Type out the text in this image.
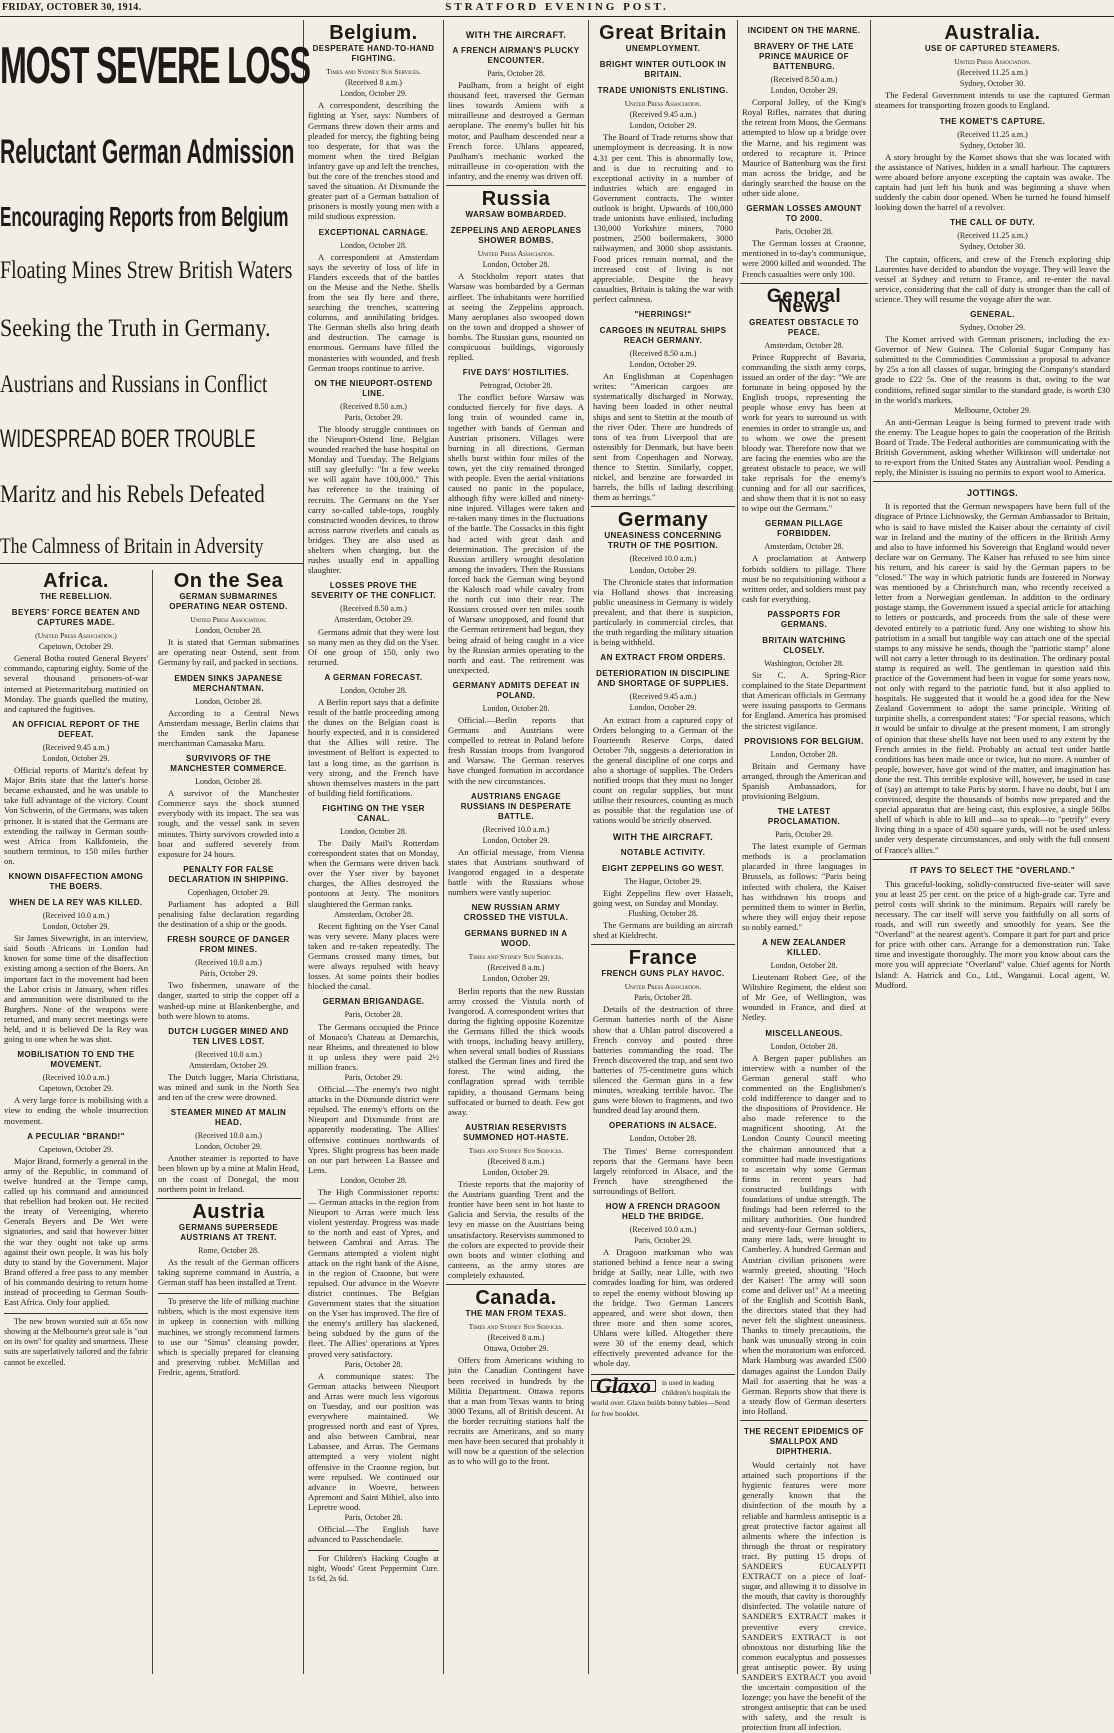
FRIDAY, OCTOBER 30, 1914.	STRATFORD EVENING POST.
MOST SEVERE LOSS
Reluctant German Admission
Encouraging Reports from Belgium
Floating Mines Strew British Waters
Seeking the Truth in Germany.
Austrians and Russians in Conflict
WIDESPREAD BOER TROUBLE
Maritz and his Rebels Defeated
The Calmness of Britain in Adversity
Africa.
THE REBELLION.
BEYERS' FORCE BEATEN AND CAPTURES MADE.
(United Press Association.)
Capetown, October 29.
General Botha routed General Beyers' commando, capturing eighty. Some of the several thousand prisoners-of-war interned at Pietermaritzburg mutinied on Monday. The guards quelled the mutiny, and captured the fugitives.
AN OFFICIAL REPORT OF THE DEFEAT.
(Received 9.45 a.m.)
London, October 29.
Official reports of Maritz's defeat by Major Brits state that the latter's horse became exhausted, and he was unable to take full advantage of the victory. Count Von Schwerin, of the Germans, was taken prisoner. It is stated that the Germans are extending the railway in German south-west Africa from Kalkfontein, the southern terminus, to 150 miles further on.
KNOWN DISAFFECTION AMONG THE BOERS.
WHEN DE LA REY WAS KILLED.
(Received 10.0 a.m.)
London, October 29.
Sir James Sivewright, in an interview, said South Africans in London had known for some time of the disaffection existing among a section of the Boers. An important fact in the movement had been the Labor crisis in January, when rifles and ammunition were distributed to the Burghers. None of the weapons were returned, and many secret meetings were held, and it is believed De la Rey was going to one when he was shot.
MOBILISATION TO END THE MOVEMENT.
(Received 10.0 a.m.)
Capetown, October 29.
A very large force is mobilising with a view to ending the whole insurrection movement.
A PECULIAR "BRAND!"
Capetown, October 29.
Major Brand, formerly a general in the army of the Republic, in command of twelve hundred at the Tempe camp, called up his command and announced that rebellion had broken out. He recited the treaty of Vereeniging, whereto Generals Beyers and De Wet were signatories, and said that however bitter the war they ought not take up arms against their own people. It was his holy duty to stand by the Government. Major Brand offered a free pass to any member of his commando desiring to return home instead of proceeding to German South-East Africa. Only four applied.
The new brown worsted suit at 65s now showing at the Melbourne's great sale is "out on its own" for quality and smartness. These suits are superlatively tailored and the fabric cannot be excelled.
On the Sea
GERMAN SUBMARINES OPERATING NEAR OSTEND.
United Press Association.
London, October 28.
It is stated that German submarines are operating near Ostend, sent from Germany by rail, and packed in sections.
EMDEN SINKS JAPANESE MERCHANTMAN.
London, October 28.
According to a Central News Amsterdam message, Berlin claims that the Emden sank the Japanese merchantman Camasaka Maru.
SURVIVORS OF THE MANCHESTER COMMERCE.
London, October 28.
A survivor of the Manchester Commerce says the shock stunned everybody with its impact. The sea was rough, and the vessel sank in seven minutes. Thirty survivors crowded into a boat and suffered severely from exposure for 24 hours.
PENALTY FOR FALSE DECLARATION IN SHIPPING.
Copenhagen, October 29.
Parliament has adopted a Bill penalising false declaration regarding the destination of a ship or the goods.
FRESH SOURCE OF DANGER FROM MINES.
(Received 10.0 a.m.)
Paris, October 29.
Two fishermen, unaware of the danger, started to strip the copper off a washed-up mine at Blankenberghe, and both were blown to atoms.
DUTCH LUGGER MINED AND TEN LIVES LOST.
(Received 10.0 a.m.)
Amsterdam, October 29.
The Dutch lugger, Maria Christiana, was mined and sunk in the North Sea and ten of the crew were drowned.
STEAMER MINED AT MALIN HEAD.
(Received 10.0 a.m.)
London, October 29.
Another steamer is reported to have been blown up by a mine at Malin Head, on the coast of Donegal, the most northern point in Ireland.
Austria
GERMANS SUPERSEDE AUSTRIANS AT TRENT.
Rome, October 28.
As the result of the German officers taking supreme command in Austria, a German staff has been installed at Trent.
To preserve the life of milking machine rubbers, which is the most expensive item in upkeep in connection with milking machines, we strongly recommend farmers to use our "Simus" cleansing powder, which is specially prepared for cleansing and preserving rubber. McMillan and Fredric, agents, Stratford.
Belgium.
DESPERATE HAND-TO-HAND FIGHTING.
Times and Sydney Sun Services.
(Received 8 a.m.)
London, October 29.
A correspondent, describing the fighting at Yser, says: Numbers of Germans threw down their arms and pleaded for mercy, the fighting being too desperate, for that was the moment when the tired Belgian infantry gave up and left the trenches, but the core of the trenches stood and saved the situation. At Dixmunde the greater part of a German battalion of prisoners is mostly young men with a mild studious expression.
EXCEPTIONAL CARNAGE.
London, October 28.
A correspondent at Amsterdam says the severity of loss of life in Flanders exceeds that of the battles on the Meuse and the Nethe. Shells from the sea fly here and there, searching the trenches, scattering columns, and annihilating bridges. The German shells also bring death and destruction. The carnage is enormous. Germans have filled the monasteries with wounded, and fresh German troops continue to arrive.
ON THE NIEUPORT-OSTEND LINE.
(Received 8.50 a.m.)
Paris, October 29.
The bloody struggle continues on the Nieuport-Ostend line. Belgian wounded reached the base hospital on Monday and Tuesday. The Belgians still say gleefully: "In a few weeks we will again have 100,000." This has reference to the training of recruits. The Germans on the Yser carry so-called table-tops, roughly constructed wooden devices, to throw across narrow riverlets and canals as bridges. They are also used as shelters when charging, but the rushes usually end in appalling slaughter.
LOSSES PROVE THE SEVERITY OF THE CONFLICT.
(Received 8.50 a.m.)
Amsterdam, October 29.
Germans admit that they were lost so many men as they did on the Yser. Of one group of 150, only two returned.
A GERMAN FORECAST.
London, October 28.
A Berlin report says that a definite result of the battle proceeding among the dunes on the Belgian coast is hourly expected, and it is considered that the Allies will retire. The investment of Belfort is expected to last a long time, as the garrison is very strong, and the French have shown themselves masters in the part of building field fortifications.
FIGHTING ON THE YSER CANAL.
London, October 28.
The Daily Mail's Rotterdam correspondent states that on Monday, when the Germans were driven back over the Yser river by bayonet charges, the Allies destroyed the pontoons at Jesty. The monitors slaughtered the German ranks.
Amsterdam, October 28.
Recent fighting on the Yser Canal was very severe. Many places were taken and re-taken repeatedly. The Germans crossed many times, but were always repulsed with heavy losses. At some points their bodies blocked the canal.
GERMAN BRIGANDAGE.
Paris, October 28.
The Germans occupied the Prince of Monaco's Chateau at Demarchis, near Rheims, and threatened to blow it up unless they were paid 2½ million francs.
Paris, October 29.
Official.—The enemy's two night attacks in the Dixmunde district were repulsed. The enemy's efforts on the Nieuport and Dixmunde front are apparently moderating. The Allies' offensive continues northwards of Ypres. Slight progress has been made on our part between La Bassee and Lens.
London, October 28.
The High Commissioner reports:— German attacks in the region from Nieuport to Arras were much less violent yesterday. Progress was made to the north and east of Ypres, and between Cambrai and Arras. The Germans attempted a violent night attack on the right bank of the Aisne, in the region of Craonne, but were repulsed. Our advance in the Woevre district continues. The Belgian Government states that the situation on the Yser has improved. The fire of the enemy's artillery has slackened, being subdued by the guns of the fleet. The Allies' operations at Ypres proved very satisfactory.
Paris, October 28.
A communique states: The German attacks between Nieuport and Arras were much less vigorous on Tuesday, and our position was everywhere maintained. We progressed north and east of Ypres, and also between Cambrai, near Labassee, and Arras. The Germans attempted a very violent night offensive in the Craonne region, but were repulsed. We continued our advance in Woevre, between Apremont and Saint Mihiel, also into Lepretre wood.
Paris, October 28.
Official.—The English have advanced to Passchendaele.
For Children's Hacking Coughs at night, Woods' Great Peppermint Cure. 1s 6d, 2s 6d.
WITH THE AIRCRAFT.
A FRENCH AIRMAN'S PLUCKY ENCOUNTER.
Paris, October 28.
Paulham, from a height of eight thousand feet, traversed the German lines towards Amiens with a mitrailleuse and destroyed a German aeroplane. The enemy's bullet hit his motor, and Paulham descended near a French force. Uhlans appeared, Paulham's mechanic worked the mitrailleuse in co-operation with the infantry, and the enemy was driven off.
Russia
WARSAW BOMBARDED.
ZEPPELINS AND AEROPLANES SHOWER BOMBS.
United Press Association.
London, October 28.
A Stockholm report states that Warsaw was bombarded by a German airfleet. The inhabitants were horrified at seeing the Zeppelins approach. Many aeroplanes also swooped down on the town and dropped a shower of bombs. The Russian guns, mounted on conspicuous buildings, vigorously replied.
FIVE DAYS' HOSTILITIES.
Petrograd, October 28.
The conflict before Warsaw was conducted fiercely for five days. A long train of wounded came in, together with bands of German and Austrian prisoners. Villages were burning in all directions. German shells burst within four miles of the town, yet the city remained thronged with people. Even the aerial visitations caused no panic in the populace, although fifty were killed and ninety-nine injured. Villages were taken and re-taken many times in the fluctuations of the battle. The Cossacks in this fight had acted with great dash and determination. The precision of the Russian artillery wrought desolation among the invaders. Then the Russians forced back the German wing beyond the Kalosch road while cavalry from the north cut into their rear. The Russians crossed over ten miles south of Warsaw unopposed, and found that the German retirement had begun, they being afraid of being caught in a vice by the Russian armies operating to the north and east. The retirement was unexpected.
GERMANY ADMITS DEFEAT IN POLAND.
London, October 28.
Official.—Berlin reports that Germans and Austrians were compelled to retreat in Poland before fresh Russian troops from Ivangorod and Warsaw. The German reserves have changed formation in accordance with the new circumstances.
AUSTRIANS ENGAGE RUSSIANS IN DESPERATE BATTLE.
(Received 10.0 a.m.)
London, October 29.
An official message, from Vienna states that Austrians southward of Ivangorod engaged in a desperate battle with the Russians whose numbers were vastly superior.
NEW RUSSIAN ARMY CROSSED THE VISTULA.
GERMANS BURNED IN A WOOD.
Times and Sydney Sun Services.
(Received 8 a.m.)
London, October 29.
Berlin reports that the new Russian army crossed the Vistula north of Ivangorod. A correspondent writes that during the fighting opposite Kozenitze the Germans filled the thick woods with troops, including heavy artillery, when several small bodies of Russians stalked the German lines and fired the forest. The wind aiding, the conflagration spread with terrible rapidity, a thousand Germans being suffocated or burned to death. Few got away.
AUSTRIAN RESERVISTS SUMMONED HOT-HASTE.
Times and Sydney Sun Services.
(Received 8 a.m.)
London, October 29.
Trieste reports that the majority of the Austrians guarding Trent and the frontier have been sent in hot haste to Galicia and Servia, the results of the levy en masse on the Austrians being unsatisfactory. Reservists summoned to the colors are expected to provide their own boots and winter clothing and canteens, as the army stores are completely exhausted.
Canada.
THE MAN FROM TEXAS.
Times and Sydney Sun Services.
(Received 8 a.m.)
Ottawa, October 29.
Offers from Americans wishing to join the Canadian Contingent have been received in hundreds by the Militia Department. Ottawa reports that a man from Texas wants to bring 3000 Texans, all of British descent. At the border recruiting stations half the recruits are Americans, and so many men have been secured that probably it will now be a question of the selection as to who will go to the front.
Great Britain
UNEMPLOYMENT.
BRIGHT WINTER OUTLOOK IN BRITAIN.
TRADE UNIONISTS ENLISTING.
United Press Association.
(Received 9.45 a.m.)
London, October 29.
The Board of Trade returns show that unemployment is decreasing. It is now 4.31 per cent. This is abnormally low, and is due to recruiting and to exceptional activity in a number of industries which are engaged in Government contracts. The winter outlook is bright. Upwards of 100,000 trade unionists have enlisted, including 130,000 Yorkshire miners, 7000 postmen, 2500 boilermakers, 3000 railwaymen, and 3000 shop assistants. Food prices remain normal, and the increased cost of living is not appreciable. Despite the heavy casualties, Britain is taking the war with perfect calmness.
"HERRINGS!"
CARGOES IN NEUTRAL SHIPS REACH GERMANY.
(Received 8.50 a.m.)
London, October 29.
An Englishman at Copenhagen writes: "American cargoes are systematically discharged in Norway, having been loaded in other neutral ships and sent to Stettin at the mouth of the river Oder. There are hundreds of tons of tea from Liverpool that are ostensibly for Denmark, but have been sent from Copenhagen and Norway, thence to Stettin. Similarly, copper, nickel, and benzine are forwarded in barrels, the bills of lading describing them as herrings."
Germany
UNEASINESS CONCERNING TRUTH OF THE POSITION.
(Received 10.0 a.m.)
London, October 29.
The Chronicle states that information via Holland shows that increasing public uneasiness in Germany is widely prevalent, and that there is suspicion, particularly in commercial circles, that the truth regarding the military situation is being withheld.
AN EXTRACT FROM ORDERS.
DETERIORATION IN DISCIPLINE AND SHORTAGE OF SUPPLIES.
(Received 9.45 a.m.)
London, October 29.
An extract from a captured copy of Orders belonging to a German of the Fourteenth Reserve Corps, dated October 7th, suggests a deterioration in the general discipline of one corps and also a shortage of supplies. The Orders notified troops that they must no longer count on regular supplies, but must utilise their resources, counting as much as possible that the regulation use of rations would be strictly observed.
WITH THE AIRCRAFT.
NOTABLE ACTIVITY.
EIGHT ZEPPELINS GO WEST.
The Hague, October 29.
Eight Zeppelins flew over Hasselt, going west, on Sunday and Monday.
Flushing, October 28.
The Germans are building an aircraft shed at Kieldrecht.
France
FRENCH GUNS PLAY HAVOC.
United Press Association.
Paris, October 28.
Details of the destruction of three German batteries north of the Aisne show that a Uhlan patrol discovered a French convoy and posted three batteries commanding the road. The French discovered the trap, and sent two batteries of 75-centimetre guns which silenced the German guns in a few minutes, wreaking terrible havoc. The guns were blown to fragments, and two hundred dead lay around them.
OPERATIONS IN ALSACE.
London, October 28.
The Times' Berne correspondent reports that the Germans have been largely reinforced in Alsace, and the French have strengthened the surroundings of Belfort.
HOW A FRENCH DRAGOON HELD THE BRIDGE.
(Received 10.0 a.m.)
Paris, October 29.
A Dragoon marksman who was stationed behind a fence near a swing bridge at Sailly, near Lille, with two comrades loading for him, was ordered to repel the enemy without blowing up the bridge. Two German Lancers appeared, and were shot down, then three more and then some scores, Uhlans were killed. Altogether there were 30 of the enemy dead, which effectively prevented advance for the whole day.
Glaxo	is used in leading children's hospitals the world over. Glaxo builds bonny babies—Send for free booklet.
INCIDENT ON THE MARNE.
BRAVERY OF THE LATE PRINCE MAURICE OF BATTENBURG.
(Received 8.50 a.m.)
London, October 29.
Corporal Jolley, of the King's Royal Rifles, narrates that during the retreat from Mons, the Germans attempted to blow up a bridge over the Marne, and his regiment was ordered to recapture it. Prince Maurice of Battenburg was the first man across the bridge, and he daringly searched the house on the other side alone.
GERMAN LOSSES AMOUNT TO 2000.
Paris, October 28.
The German losses at Craonne, mentioned in to-day's communique, were 2000 killed and wounded. The French casualties were only 100.
General News
GREATEST OBSTACLE TO PEACE.
Amsterdam, October 28.
Prince Rupprecht of Bavaria, commanding the sixth army corps, issued an order of the day: "We are fortunate in being opposed by the English troops, representing the people whose envy has been at work for years to surround us with enemies in order to strangle us, and to whom we owe the present bloody war. Therefore now that we are facing the enemies who are the greatest obstacle to peace, we will take reprisals for the enemy's cunning and for all our sacrifices, and show them that it is not so easy to wipe out the Germans."
GERMAN PILLAGE FORBIDDEN.
Amsterdam, October 28.
A proclamation at Antwerp forbids soldiers to pillage. There must be no requisitioning without a written order, and soldiers must pay cash for everything.
PASSPORTS FOR GERMANS.
BRITAIN WATCHING CLOSELY.
Washington, October 28.
Sir C. A. Spring-Rice complained to the State Department that American officials in Germany were issuing passports to Germans for England. America has promised the strictest vigilance.
PROVISIONS FOR BELGIUM.
London, October 28.
Britain and Germany have arranged, through the American and Spanish Ambassadors, for provisioning Belgium.
THE LATEST PROCLAMATION.
Paris, October 29.
The latest example of German methods is a proclamation placarded in three languages in Brussels, as follows: "Paris being infected with cholera, the Kaiser has withdrawn his troops and permitted them to winter in Berlin, where they will enjoy their repose so nobly earned."
A NEW ZEALANDER KILLED.
London, October 28.
Lieutenant Robert Gee, of the Wiltshire Regiment, the eldest son of Mr Gee, of Wellington, was wounded in France, and died at Netley.
MISCELLANEOUS.
London, October 28.
A Bergen paper publishes an interview with a number of the German general staff who commented on the Englishmen's cold indifference to danger and to the dispositions of Providence. He also made reference to the magnificent shooting. At the London County Council meeting the chairman announced that a committee had made investigations to ascertain why some German firms in recent years had constructed buildings with foundations of undue strength. The findings had been referred to the military authorities. One hundred and seventy-four German soldiers, many mere lads, were brought to Camberley. A hundred German and Austrian civilian prisoners were warmly greeted, shouting "Hoch der Kaiser! The army will soon come and deliver us!" At a meeting of the English and Scottish Bank, the directors stated that they had never felt the slightest uneasiness. Thanks to timely precautions, the bank was unusually strong in coin when the moratorium was enforced. Mark Hamburg was awarded £500 damages against the London Daily Mail for asserting that he was a German. Reports show that there is a steady flow of German deserters into Holland.
THE RECENT EPIDEMICS OF SMALLPOX AND DIPHTHERIA.
Would certainly not have attained such proportions if the hygienic features were more generally known that the disinfection of the mouth by a reliable and harmless antiseptic is a great protective factor against all ailments where the infection is through the throat or respiratory tract. By putting 15 drops of SANDER'S EUCALYPTI EXTRACT on a piece of loaf-sugar, and allowing it to dissolve in the mouth, that cavity is thoroughly disinfected. The volatile nature of SANDER'S EXTRACT makes it preventive every crevice. SANDER'S EXTRACT is not obnoxious nor disturbing like the common eucalyptus and possesses great antiseptic power. By using SANDER'S EXTRACT you avoid the uncertain composition of the lozenge; you have the benefit of the strongest antiseptic that can be used with safety, and the result is protection from all infection.
Australia.
USE OF CAPTURED STEAMERS.
United Press Association.
(Received 11.25 a.m.)
Sydney, October 30.
The Federal Government intends to use the captured German steamers for transporting frozen goods to England.
THE KOMET'S CAPTURE.
(Received 11.25 a.m.)
Sydney, October 30.
A story brought by the Komet shows that she was located with the assistance of Natives, hidden in a small harbour. The capturers were aboard before anyone excepting the captain was awake. The captain had just left his bunk and was beginning a shave when suddenly the cabin door opened. When he turned he found himself looking down the barrel of a revolver.
THE CALL OF DUTY.
(Received 11.25 a.m.)
Sydney, October 30.
The captain, officers, and crew of the French exploring ship Laurentes have decided to abandon the voyage. They will leave the vessel at Sydney and return to France, and re-enter the naval service, considering that the call of duty is stronger than the call of science. They will resume the voyage after the war.
GENERAL.
Sydney, October 29.
The Komet arrived with German prisoners, including the ex-Governor of New Guinea. The Colonial Sugar Company has submitted to the Commodities Commission a proposal to advance by 25s a ton all classes of sugar, bringing the Company's standard grade to £22 5s. One of the reasons is that, owing to the war conditions, refined sugar similar to the standard grade, is worth £30 in the world's markets.
Melbourne, October 29.
An anti-German League is being formed to prevent trade with the enemy. The League hopes to gain the cooperation of the British Board of Trade. The Federal authorities are communicating with the British Government, asking whether Wilkinson will undertake not to re-export from the United States any Australian wool. Pending a reply, the Minister is issuing no permits to export wool to America.
JOTTINGS.
It is reported that the German newspapers have been full of the disgrace of Prince Lichnowsky, the German Ambassador to Britain, who is said to have misled the Kaiser about the certainty of civil war in Ireland and the mutiny of the officers in the British Army and also to have informed his Sovereign that England would never declare war on Germany. The Kaiser has refused to see him since his return, and his career is said by the German papers to be "closed." The way in which patriotic funds are fostered in Norway was mentioned by a Christchurch man, who recently received a letter from a Norwegian gentleman. In addition to the ordinary postage stamp, the Government issued a special article for attaching to letters or postcards, and proceeds from the sale of these were devoted entirely to a patriotic fund. Any one wishing to show his patriotism in a small but tangible way can attach one of the special stamps to any missive he sends, though the "patriotic stamp" alone will not carry a letter through to its destination. The ordinary postal stamp is required as well. The gentleman in question said this practice of the Government had been in vogue for some years now, not only with regard to the patriotic fund, but it also applied to hospitals. He suggested that it would be a good idea for the New Zealand Government to adopt the same principle. Writing of turpinite shells, a correspondent states: "For special reasons, which it would be unfair to divulge at the present moment, I am strongly of opinion that these shells have not been used to any extent by the French armies in the field. Probably an actual test under battle conditions has been made once or twice, but no more. A number of people, however, have got wind of the matter, and imagination has done the rest. This terrible explosive will, however, be used in case of (say) an attempt to take Paris by storm. I have no doubt, but I am convinced, despite the thousands of bombs now prepared and the special apparatus that are being cast, this explosive, a single 56lbs shell of which is able to kill and—so to speak—to "petrify" every living thing in a space of 450 square yards, will not be used unless under very desperate circumstances, and only with the full consent of France's allies."
IT PAYS TO SELECT THE "OVERLAND."
This graceful-looking, solidly-constructed five-seater will save you at least 25 per cent. on the price of a high-grade car. Tyre and petrol costs will shrink to the minimum. Repairs will rarely be necessary. The car itself will serve you faithfully on all sorts of roads, and will run sweetly and smoothly for years. See the "Overland" at the nearest agent's. Compare it part for part and price for price with other cars. Arrange for a demonstration run. Take time and investigate thoroughly. The more you know about cars the more you will appreciate "Overland" value. Chief agents for North Island: A. Hatrick and Co., Ltd., Wanganui. Local agent, W. Mudford.
